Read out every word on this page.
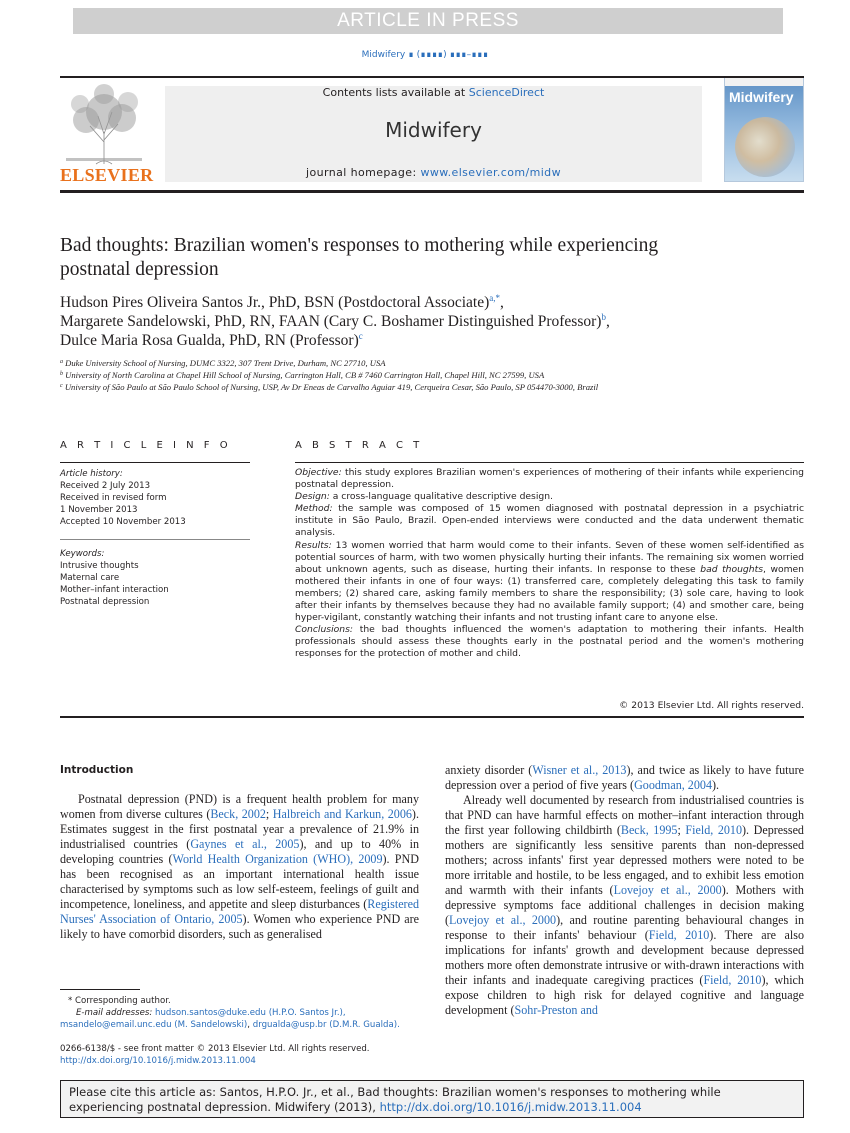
ARTICLE IN PRESS
Midwifery ∎ (∎∎∎∎) ∎∎∎–∎∎∎
ELSEVIER
Contents lists available at ScienceDirect
Midwifery
journal homepage: www.elsevier.com/midw
Midwifery
Bad thoughts: Brazilian women's responses to mothering while experiencing postnatal depression
Hudson Pires Oliveira Santos Jr., PhD, BSN (Postdoctoral Associate)$^{a,*}$,
Margarete Sandelowski, PhD, RN, FAAN (Cary C. Boshamer Distinguished Professor)$^b$,
Dulce Maria Rosa Gualda, PhD, RN (Professor)$^c$
$^a$ Duke University School of Nursing, DUMC 3322, 307 Trent Drive, Durham, NC 27710, USA
$^b$ University of North Carolina at Chapel Hill School of Nursing, Carrington Hall, CB # 7460 Carrington Hall, Chapel Hill, NC 27599, USA
$^c$ University of São Paulo at São Paulo School of Nursing, USP, Av Dr Eneas de Carvalho Aguiar 419, Cerqueira Cesar, São Paulo, SP 054470-3000, Brazil
A R T I C L E I N F O
Article history:
Received 2 July 2013
Received in revised form
1 November 2013
Accepted 10 November 2013
Keywords:
Intrusive thoughts
Maternal care
Mother–infant interaction
Postnatal depression
A B S T R A C T
Objective: this study explores Brazilian women's experiences of mothering of their infants while experiencing postnatal depression.
Design: a cross-language qualitative descriptive design.
Method: the sample was composed of 15 women diagnosed with postnatal depression in a psychiatric institute in São Paulo, Brazil. Open-ended interviews were conducted and the data underwent thematic analysis.
Results: 13 women worried that harm would come to their infants. Seven of these women self-identified as potential sources of harm, with two women physically hurting their infants. The remaining six women worried about unknown agents, such as disease, hurting their infants. In response to these bad thoughts, women mothered their infants in one of four ways: (1) transferred care, completely delegating this task to family members; (2) shared care, asking family members to share the responsibility; (3) sole care, having to look after their infants by themselves because they had no available family support; (4) and smother care, being hyper-vigilant, constantly watching their infants and not trusting infant care to anyone else.
Conclusions: the bad thoughts influenced the women's adaptation to mothering their infants. Health professionals should assess these thoughts early in the postnatal period and the women's mothering responses for the protection of mother and child.
© 2013 Elsevier Ltd. All rights reserved.
Introduction

Postnatal depression (PND) is a frequent health problem for many women from diverse cultures (Beck, 2002; Halbreich and Karkun, 2006). Estimates suggest in the first postnatal year a prevalence of 21.9% in industrialised countries (Gaynes et al., 2005), and up to 40% in developing countries (World Health Organization (WHO), 2009). PND has been recognised as an important international health issue characterised by symptoms such as low self-esteem, feelings of guilt and incompetence, loneliness, and appetite and sleep disturbances (Registered Nurses' Association of Ontario, 2005). Women who experience PND are likely to have comorbid disorders, such as generalised

anxiety disorder (Wisner et al., 2013), and twice as likely to have future depression over a period of five years (Goodman, 2004).

Already well documented by research from industrialised countries is that PND can have harmful effects on mother–infant interaction through the first year following childbirth (Beck, 1995; Field, 2010). Depressed mothers are significantly less sensitive parents than non-depressed mothers; across infants' first year depressed mothers were noted to be more irritable and hostile, to be less engaged, and to exhibit less emotion and warmth with their infants (Lovejoy et al., 2000). Mothers with depressive symptoms face additional challenges in decision making (Lovejoy et al., 2000), and routine parenting behavioural changes in response to their infants' behaviour (Field, 2010). There are also implications for infants' growth and development because depressed mothers more often demonstrate intrusive or with-drawn interactions with their infants and inadequate caregiving practices (Field, 2010), which expose children to high risk for delayed cognitive and language development (Sohr-Preston and

* Corresponding author.
E-mail addresses: hudson.santos@duke.edu (H.P.O. Santos Jr.),
msandelo@email.unc.edu (M. Sandelowski), drgualda@usp.br (D.M.R. Gualda).
0266-6138/$ - see front matter © 2013 Elsevier Ltd. All rights reserved.
http://dx.doi.org/10.1016/j.midw.2013.11.004
Please cite this article as: Santos, H.P.O. Jr., et al., Bad thoughts: Brazilian women's responses to mothering while experiencing postnatal depression. Midwifery (2013), http://dx.doi.org/10.1016/j.midw.2013.11.004
